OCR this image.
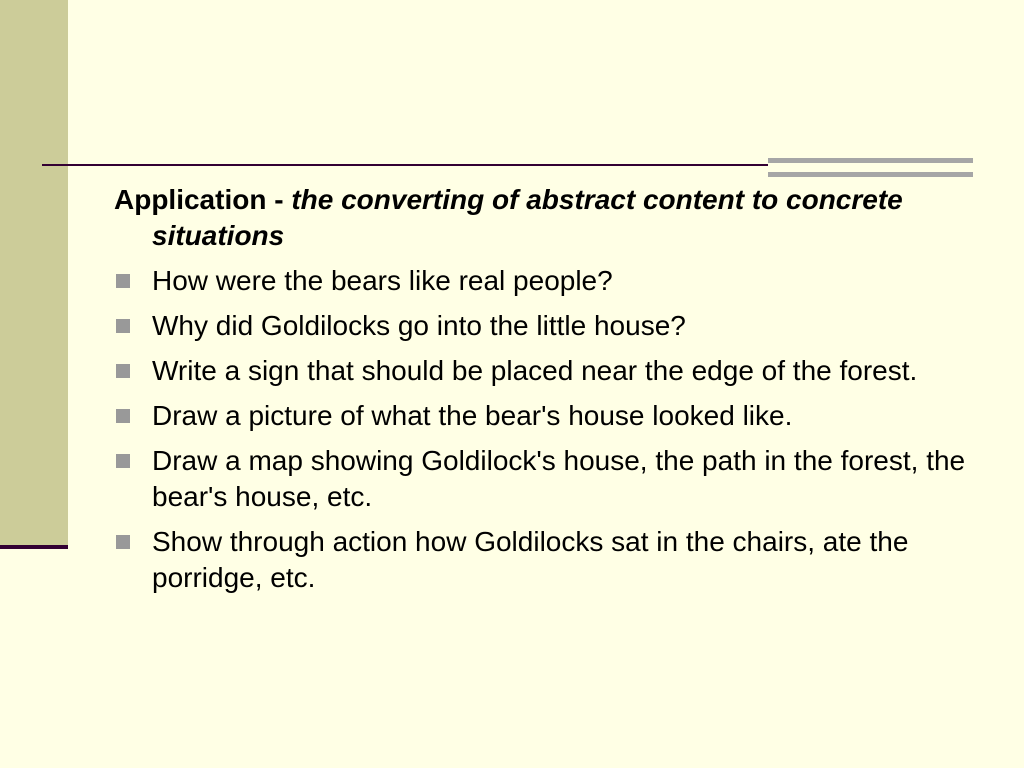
Application - the converting of abstract content to concrete situations

How were the bears like real people?
Why did Goldilocks go into the little house?
Write a sign that should be placed near the edge of the forest.
Draw a picture of what the bear's house looked like.
Draw a map showing Goldilock's house, the path in the forest, the bear's house, etc.
Show through action how Goldilocks sat in the chairs, ate the porridge, etc.
